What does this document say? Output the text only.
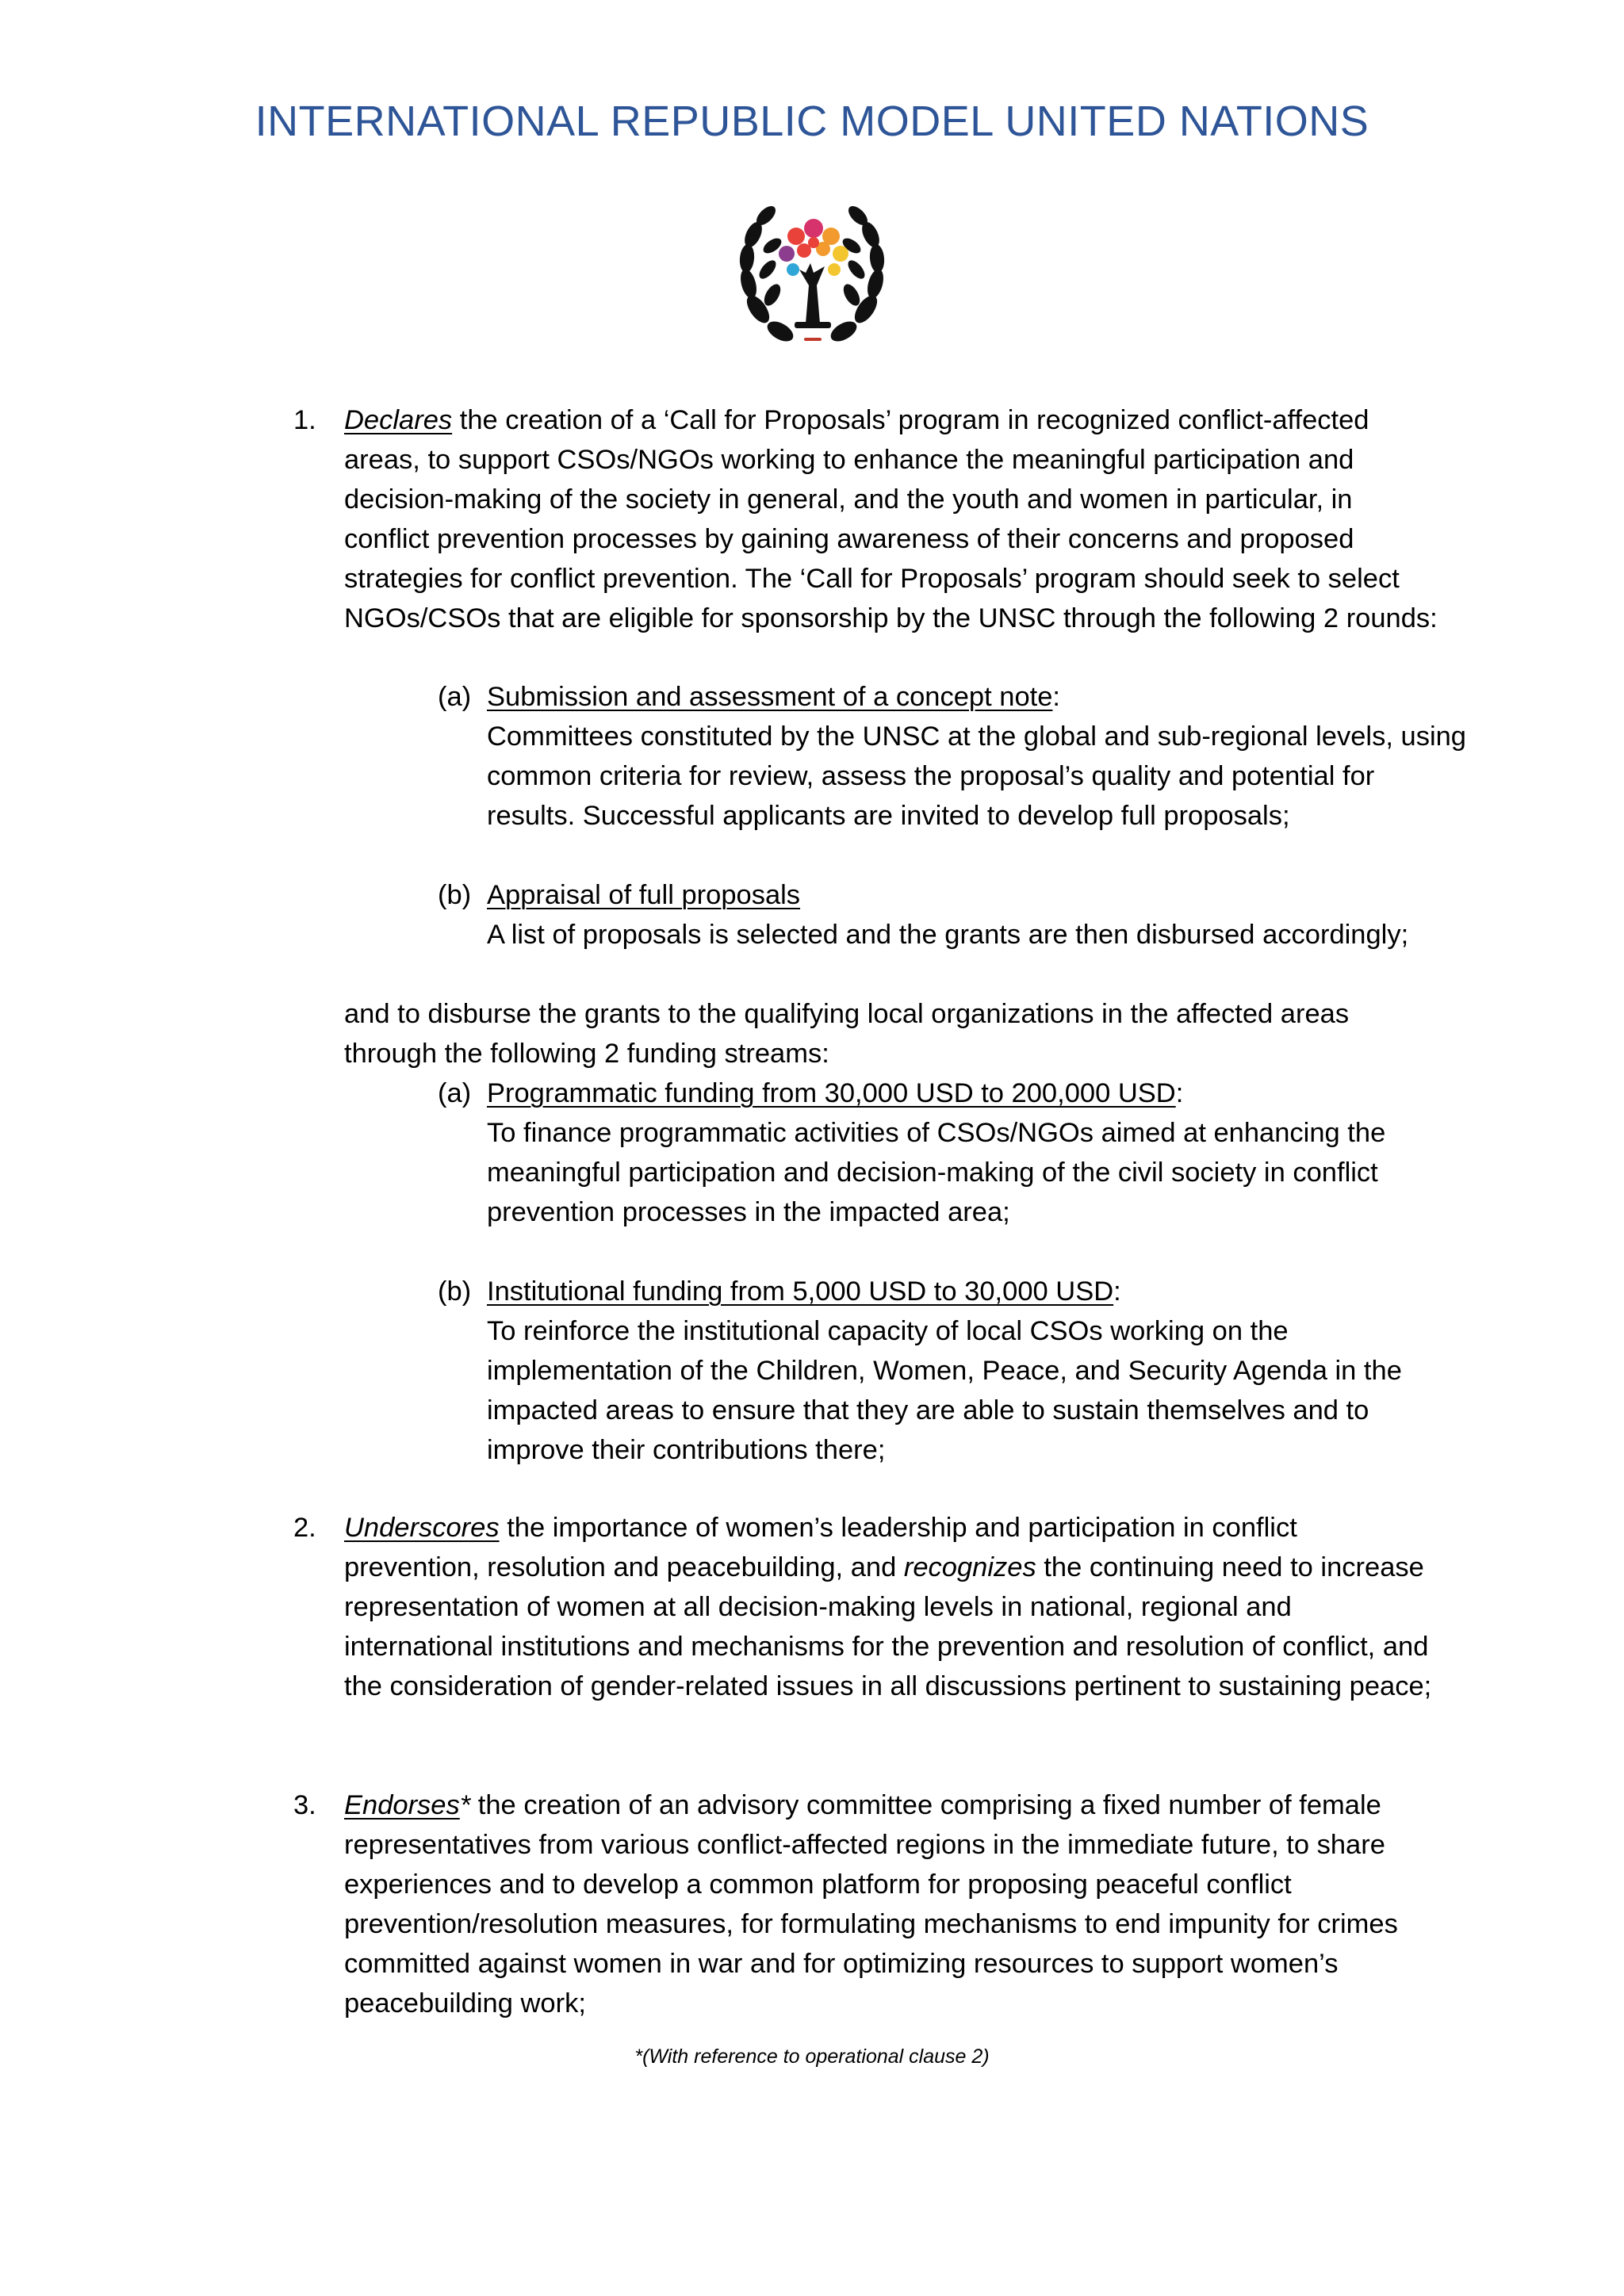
INTERNATIONAL REPUBLIC MODEL UNITED NATIONS
1. Declares the creation of a ‘Call for Proposals’ program in recognized conflict-affected areas, to support CSOs/NGOs working to enhance the meaningful participation and decision-making of the society in general, and the youth and women in particular, in conflict prevention processes by gaining awareness of their concerns and proposed strategies for conflict prevention. The ‘Call for Proposals’ program should seek to select NGOs/CSOs that are eligible for sponsorship by the UNSC through the following 2 rounds:
(a) Submission and assessment of a concept note:
Committees constituted by the UNSC at the global and sub-regional levels, using common criteria for review, assess the proposal’s quality and potential for results. Successful applicants are invited to develop full proposals;
(b) Appraisal of full proposals
A list of proposals is selected and the grants are then disbursed accordingly;
and to disburse the grants to the qualifying local organizations in the affected areas through the following 2 funding streams:
(a) Programmatic funding from 30,000 USD to 200,000 USD:
To finance programmatic activities of CSOs/NGOs aimed at enhancing the meaningful participation and decision-making of the civil society in conflict prevention processes in the impacted area;
(b) Institutional funding from 5,000 USD to 30,000 USD:
To reinforce the institutional capacity of local CSOs working on the implementation of the Children, Women, Peace, and Security Agenda in the impacted areas to ensure that they are able to sustain themselves and to improve their contributions there;
2. Underscores the importance of women’s leadership and participation in conflict prevention, resolution and peacebuilding, and recognizes the continuing need to increase representation of women at all decision-making levels in national, regional and international institutions and mechanisms for the prevention and resolution of conflict, and the consideration of gender-related issues in all discussions pertinent to sustaining peace;
3. Endorses* the creation of an advisory committee comprising a fixed number of female representatives from various conflict-affected regions in the immediate future, to share experiences and to develop a common platform for proposing peaceful conflict prevention/resolution measures, for formulating mechanisms to end impunity for crimes committed against women in war and for optimizing resources to support women’s peacebuilding work;
*(With reference to operational clause 2)
